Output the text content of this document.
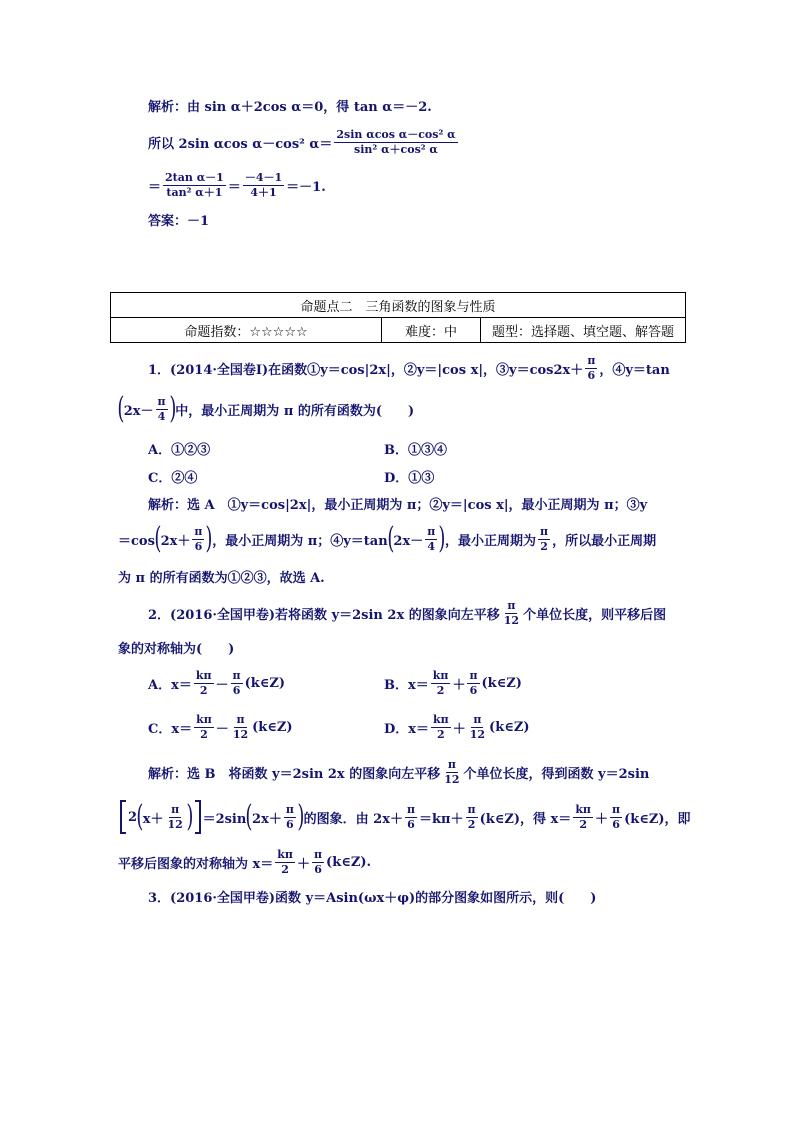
解析：由 sin α＋2cos α＝0，得 tan α＝－2.
所以 2sin αcos α－cos² $\alpha= \frac{\text{2sin αcos α－cos² α}}{\text{sin² α＋cos² α}}$
＝ $\frac{\text{2tan α－1}}{\text{tan² α＋1}} = \frac{-4-1}{4+1} =-1$.
答案：－1
命题点二　三角函数的图象与性质
命题指数：☆☆☆☆☆	难度：中	题型：选择题、填空题、解答题
1．(2014·全国卷Ⅰ)在函数①y＝cos|2x|，②y＝|cos x|，③y＝cos2x＋ $\frac{\pi}{6}$ ，④y＝tan
( $2x- \frac{\pi}{4}$ ) 中，最小正周期为 π 的所有函数为(　　)
A．①②③	B．①③④
C．②④	D．①③
解析：选 A　①y＝cos|2x|，最小正周期为 π；②y＝|cos x|，最小正周期为 π；③y
＝cos ( $2x+ \frac{\pi}{6}$ ) ，最小正周期为 π；④y＝tan ( $2x- \frac{\pi}{4}$ ) ，最小正周期为 $\frac{\pi}{2}$ ，所以最小正周期
为 π 的所有函数为①②③，故选 A.
2．(2016·全国甲卷)若将函数 y＝2sin 2x 的图象向左平移 $\frac{\pi}{12}$ 个单位长度，则平移后图
象的对称轴为(　　)
A．$x= \frac{k\pi}{2} - \frac{\pi}{6}$ (k∈Z)	B．$x= \frac{k\pi}{2} + \frac{\pi}{6}$ (k∈Z)
C．$x= \frac{k\pi}{2} - \frac{\pi}{12}$ (k∈Z)	D．$x= \frac{k\pi}{2} + \frac{\pi}{12}$ (k∈Z)
解析：选 B　将函数 y＝2sin 2x 的图象向左平移 $\frac{\pi}{12}$ 个单位长度，得到函数 y＝2sin
2 ( $x+ \frac{\pi}{12}$ ) ＝2sin ( $2x+ \frac{\pi}{6}$ ) 的图象．由 $2x+ \frac{\pi}{6} =k\pi+ \frac{\pi}{2}$ (k∈Z)，得 $x= \frac{k\pi}{2} + \frac{\pi}{6}$ (k∈Z)，即
平移后图象的对称轴为 $x= \frac{k\pi}{2} + \frac{\pi}{6}$ (k∈Z).
3．(2016·全国甲卷)函数 y＝Asin(ωx＋φ)的部分图象如图所示，则(　　)
